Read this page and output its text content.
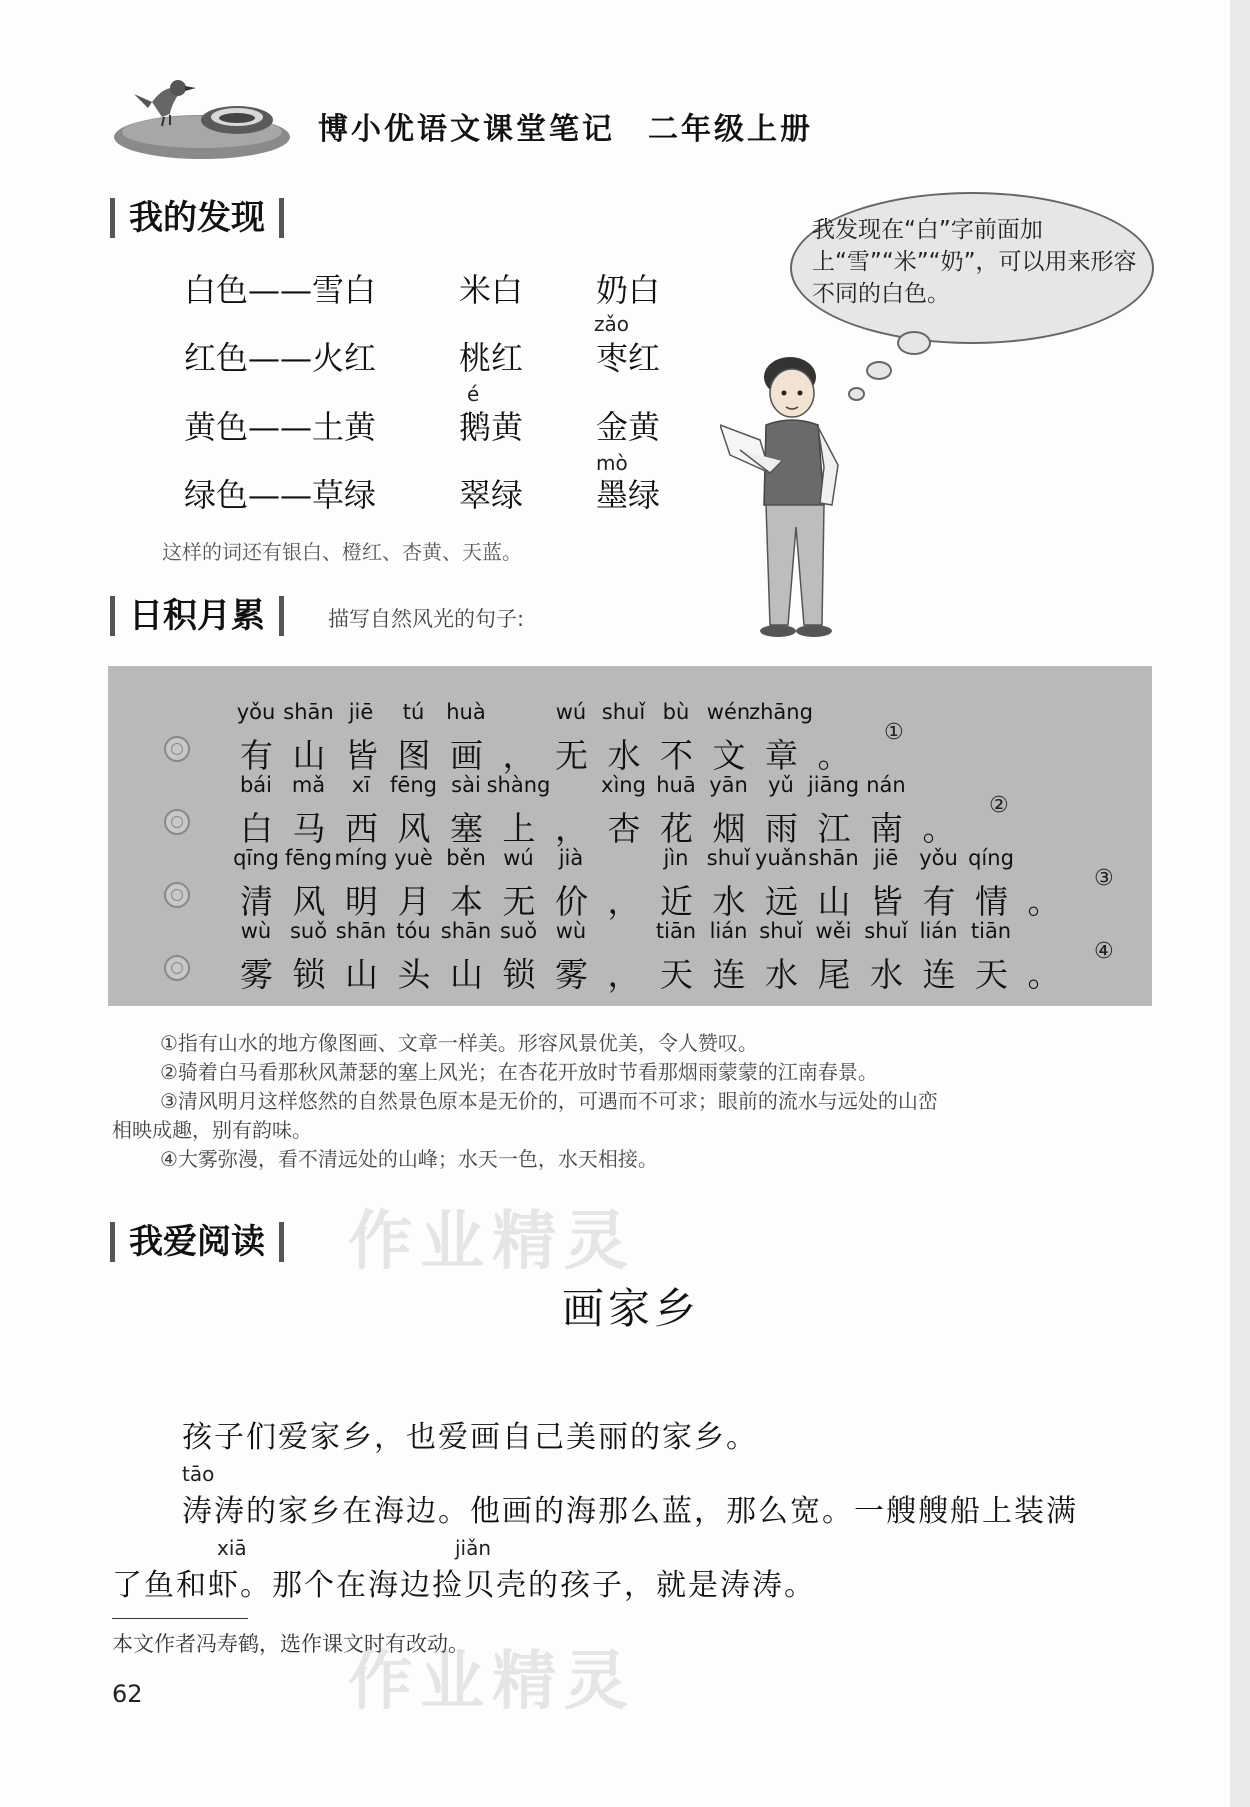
博小优语文课堂笔记　二年级上册
我的发现
白色——雪白	米白 奶白
红色——火红	桃红 枣红
zǎo
黄色——土黄	鹅黄 金黄
é
绿色——草绿	翠绿 墨绿
mò
这样的词还有银白、橙红、杏黄、天蓝。
我发现在“白”字前面加上“雪”“米”“奶”，可以用来形容不同的白色。
日积月累	描写自然风光的句子:
有
yǒu
山
shān
皆
jiē
图
tú
画
huà
， 无
wú
水
shuǐ
不
bù
文
wén
章
zhāng
。
①
白
bái
马
mǎ
西
xī
风
fēng
塞
sài
上
shàng
， 杏
xìng
花
huā
烟
yān
雨
yǔ
江
jiāng
南
nán
。
②
清
qīng
风
fēng
明
míng
月
yuè
本
běn
无
wú
价
jià
， 近
jìn
水
shuǐ
远
yuǎn
山
shān
皆
jiē
有
yǒu
情
qíng
。
③
雾
wù
锁
suǒ
山
shān
头
tóu
山
shān
锁
suǒ
雾
wù
， 天
tiān
连
lián
水
shuǐ
尾
wěi
水
shuǐ
连
lián
天
tiān
。
④
①指有山水的地方像图画、文章一样美。形容风景优美，令人赞叹。
②骑着白马看那秋风萧瑟的塞上风光；在杏花开放时节看那烟雨蒙蒙的江南春景。
③清风明月这样悠然的自然景色原本是无价的，可遇而不可求；眼前的流水与远处的山峦
相映成趣，别有韵味。
④大雾弥漫，看不清远处的山峰；水天一色，水天相接。
我爱阅读 作业精灵
画家乡
孩子们爱家乡，也爱画自己美丽的家乡。
tāo
涛涛的家乡在海边。他画的海那么蓝，那么宽。一艘艘船上装满
xiā	jiǎn
了鱼和虾。那个在海边捡贝壳的孩子，就是涛涛。
本文作者冯寿鹤，选作课文时有改动。
作业精灵
62
